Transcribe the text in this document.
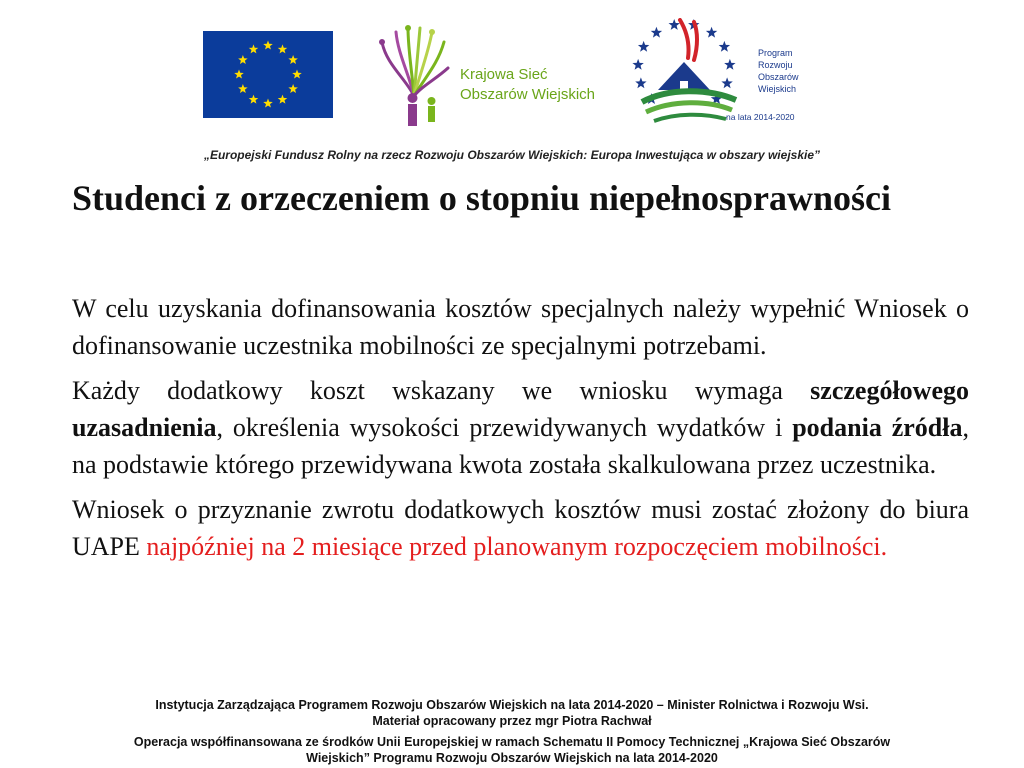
Krajowa Sieć
Obszarów Wiejskich
Program
Rozwoju
Obszarów
Wiejskich
na lata 2014-2020
„Europejski Fundusz Rolny na rzecz Rozwoju Obszarów Wiejskich: Europa Inwestująca w obszary wiejskie”
Studenci z orzeczeniem o stopniu niepełnosprawności

W celu uzyskania dofinansowania kosztów specjalnych należy wypełnić Wniosek o dofinansowanie uczestnika mobilności ze specjalnymi potrzebami.

Każdy dodatkowy koszt wskazany we wniosku wymaga szczegółowego uzasadnienia, określenia wysokości przewidywanych wydatków i podania źródła, na podstawie którego przewidywana kwota została skalkulowana przez uczestnika.

Wniosek o przyznanie zwrotu dodatkowych kosztów musi zostać złożony do biura UAPE najpóźniej na 2 miesiące przed planowanym rozpoczęciem mobilności.

Instytucja Zarządzająca Programem Rozwoju Obszarów Wiejskich na lata 2014-2020 – Minister Rolnictwa i Rozwoju Wsi.
Materiał opracowany przez mgr Piotra Rachwał
Operacja współfinansowana ze środków Unii Europejskiej w ramach Schematu II Pomocy Technicznej „Krajowa Sieć Obszarów
Wiejskich” Programu Rozwoju Obszarów Wiejskich na lata 2014-2020
